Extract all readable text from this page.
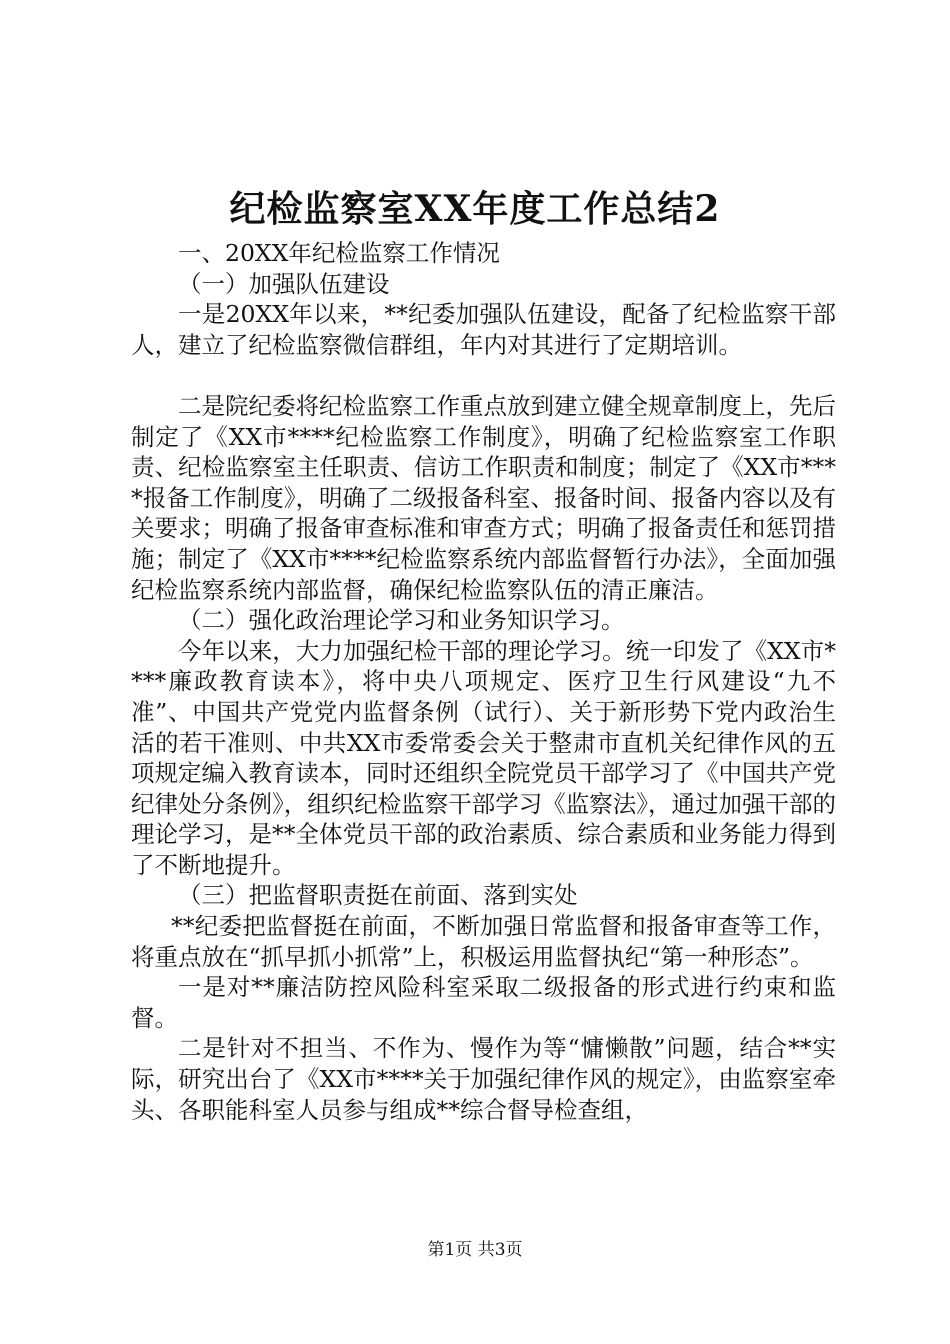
纪检监察室XX年度工作总结2

一、20XX年纪检监察工作情况

（一）加强队伍建设

一是20XX年以来，**纪委加强队伍建设，配备了纪检监察干部人，建立了纪检监察微信群组，年内对其进行了定期培训。

二是院纪委将纪检监察工作重点放到建立健全规章制度上，先后制定了《XX市****纪检监察工作制度》，明确了纪检监察室工作职责、纪检监察室主任职责、信访工作职责和制度；制定了《XX市****报备工作制度》，明确了二级报备科室、报备时间、报备内容以及有关要求；明确了报备审查标准和审查方式；明确了报备责任和惩罚措施；制定了《XX市****纪检监察系统内部监督暂行办法》，全面加强纪检监察系统内部监督，确保纪检监察队伍的清正廉洁。

（二）强化政治理论学习和业务知识学习。

今年以来，大力加强纪检干部的理论学习。统一印发了《XX市****廉政教育读本》，将中央八项规定、医疗卫生行风建设“九不准”、中国共产党党内监督条例（试行）、关于新形势下党内政治生活的若干准则、中共XX市委常委会关于整肃市直机关纪律作风的五项规定编入教育读本，同时还组织全院党员干部学习了《中国共产党纪律处分条例》，组织纪检监察干部学习《监察法》，通过加强干部的理论学习，是**全体党员干部的政治素质、综合素质和业务能力得到了不断地提升。

（三）把监督职责挺在前面、落到实处

**纪委把监督挺在前面，不断加强日常监督和报备审查等工作，将重点放在“抓早抓小抓常”上，积极运用监督执纪“第一种形态”。

一是对**廉洁防控风险科室采取二级报备的形式进行约束和监督。

二是针对不担当、不作为、慢作为等“慵懒散”问题，结合**实际，研究出台了《XX市****关于加强纪律作风的规定》，由监察室牵头、各职能科室人员参与组成**综合督导检查组，

第1页 共3页
